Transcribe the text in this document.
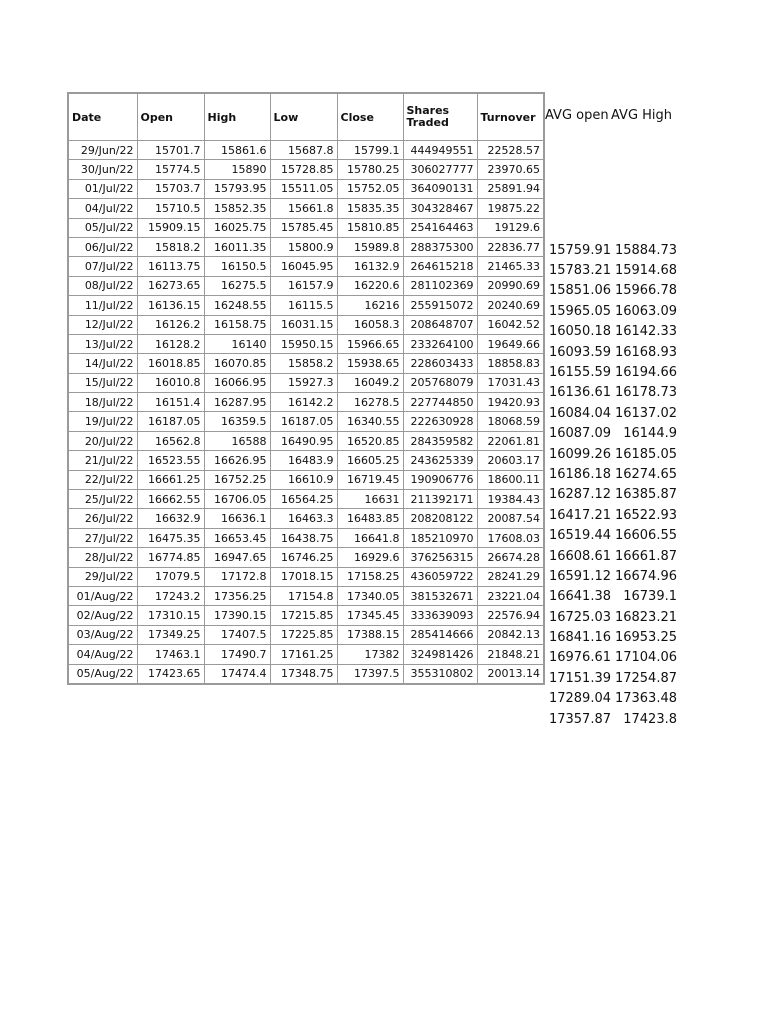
Date	Open	High	Low	Close	Shares Traded	Turnover
29/Jun/22	15701.7	15861.6	15687.8	15799.1	444949551	22528.57
30/Jun/22	15774.5	15890	15728.85	15780.25	306027777	23970.65
01/Jul/22	15703.7	15793.95	15511.05	15752.05	364090131	25891.94
04/Jul/22	15710.5	15852.35	15661.8	15835.35	304328467	19875.22
05/Jul/22	15909.15	16025.75	15785.45	15810.85	254164463	19129.6
06/Jul/22	15818.2	16011.35	15800.9	15989.8	288375300	22836.77
07/Jul/22	16113.75	16150.5	16045.95	16132.9	264615218	21465.33
08/Jul/22	16273.65	16275.5	16157.9	16220.6	281102369	20990.69
11/Jul/22	16136.15	16248.55	16115.5	16216	255915072	20240.69
12/Jul/22	16126.2	16158.75	16031.15	16058.3	208648707	16042.52
13/Jul/22	16128.2	16140	15950.15	15966.65	233264100	19649.66
14/Jul/22	16018.85	16070.85	15858.2	15938.65	228603433	18858.83
15/Jul/22	16010.8	16066.95	15927.3	16049.2	205768079	17031.43
18/Jul/22	16151.4	16287.95	16142.2	16278.5	227744850	19420.93
19/Jul/22	16187.05	16359.5	16187.05	16340.55	222630928	18068.59
20/Jul/22	16562.8	16588	16490.95	16520.85	284359582	22061.81
21/Jul/22	16523.55	16626.95	16483.9	16605.25	243625339	20603.17
22/Jul/22	16661.25	16752.25	16610.9	16719.45	190906776	18600.11
25/Jul/22	16662.55	16706.05	16564.25	16631	211392171	19384.43
26/Jul/22	16632.9	16636.1	16463.3	16483.85	208208122	20087.54
27/Jul/22	16475.35	16653.45	16438.75	16641.8	185210970	17608.03
28/Jul/22	16774.85	16947.65	16746.25	16929.6	376256315	26674.28
29/Jul/22	17079.5	17172.8	17018.15	17158.25	436059722	28241.29
01/Aug/22	17243.2	17356.25	17154.8	17340.05	381532671	23221.04
02/Aug/22	17310.15	17390.15	17215.85	17345.45	333639093	22576.94
03/Aug/22	17349.25	17407.5	17225.85	17388.15	285414666	20842.13
04/Aug/22	17463.1	17490.7	17161.25	17382	324981426	21848.21
05/Aug/22	17423.65	17474.4	17348.75	17397.5	355310802	20013.14
AVG open AVG High
15759.91 15884.73
15783.21 15914.68
15851.06 15966.78
15965.05 16063.09
16050.18 16142.33
16093.59 16168.93
16155.59 16194.66
16136.61 16178.73
16084.04 16137.02
16087.09 16144.9
16099.26 16185.05
16186.18 16274.65
16287.12 16385.87
16417.21 16522.93
16519.44 16606.55
16608.61 16661.87
16591.12 16674.96
16641.38 16739.1
16725.03 16823.21
16841.16 16953.25
16976.61 17104.06
17151.39 17254.87
17289.04 17363.48
17357.87 17423.8
